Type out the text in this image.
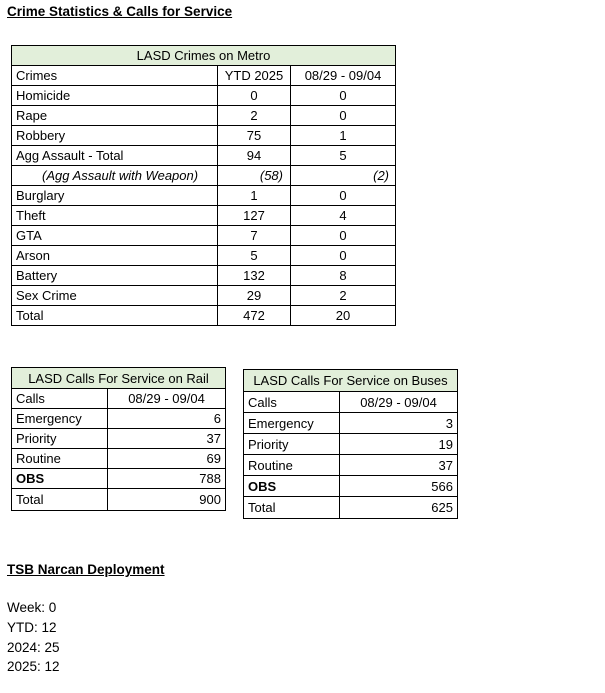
Crime Statistics & Calls for Service
LASD Crimes on Metro		
Crimes	YTD 2025	08/29 - 09/04
Homicide	0	0
Rape	2	0
Robbery	75	1
Agg Assault - Total	94	5
(Agg Assault with Weapon)	(58)	(2)
Burglary	1	0
Theft	127	4
GTA	7	0
Arson	5	0
Battery	132	8
Sex Crime	29	2
Total	472	20
LASD Calls For Service on Rail	
Calls	08/29 - 09/04
Emergency	6
Priority	37
Routine	69
OBS	788
Total	900
LASD Calls For Service on Buses	
Calls	08/29 - 09/04
Emergency	3
Priority	19
Routine	37
OBS	566
Total	625
TSB Narcan Deployment
Week: 0
YTD: 12
2024: 25
2025: 12
